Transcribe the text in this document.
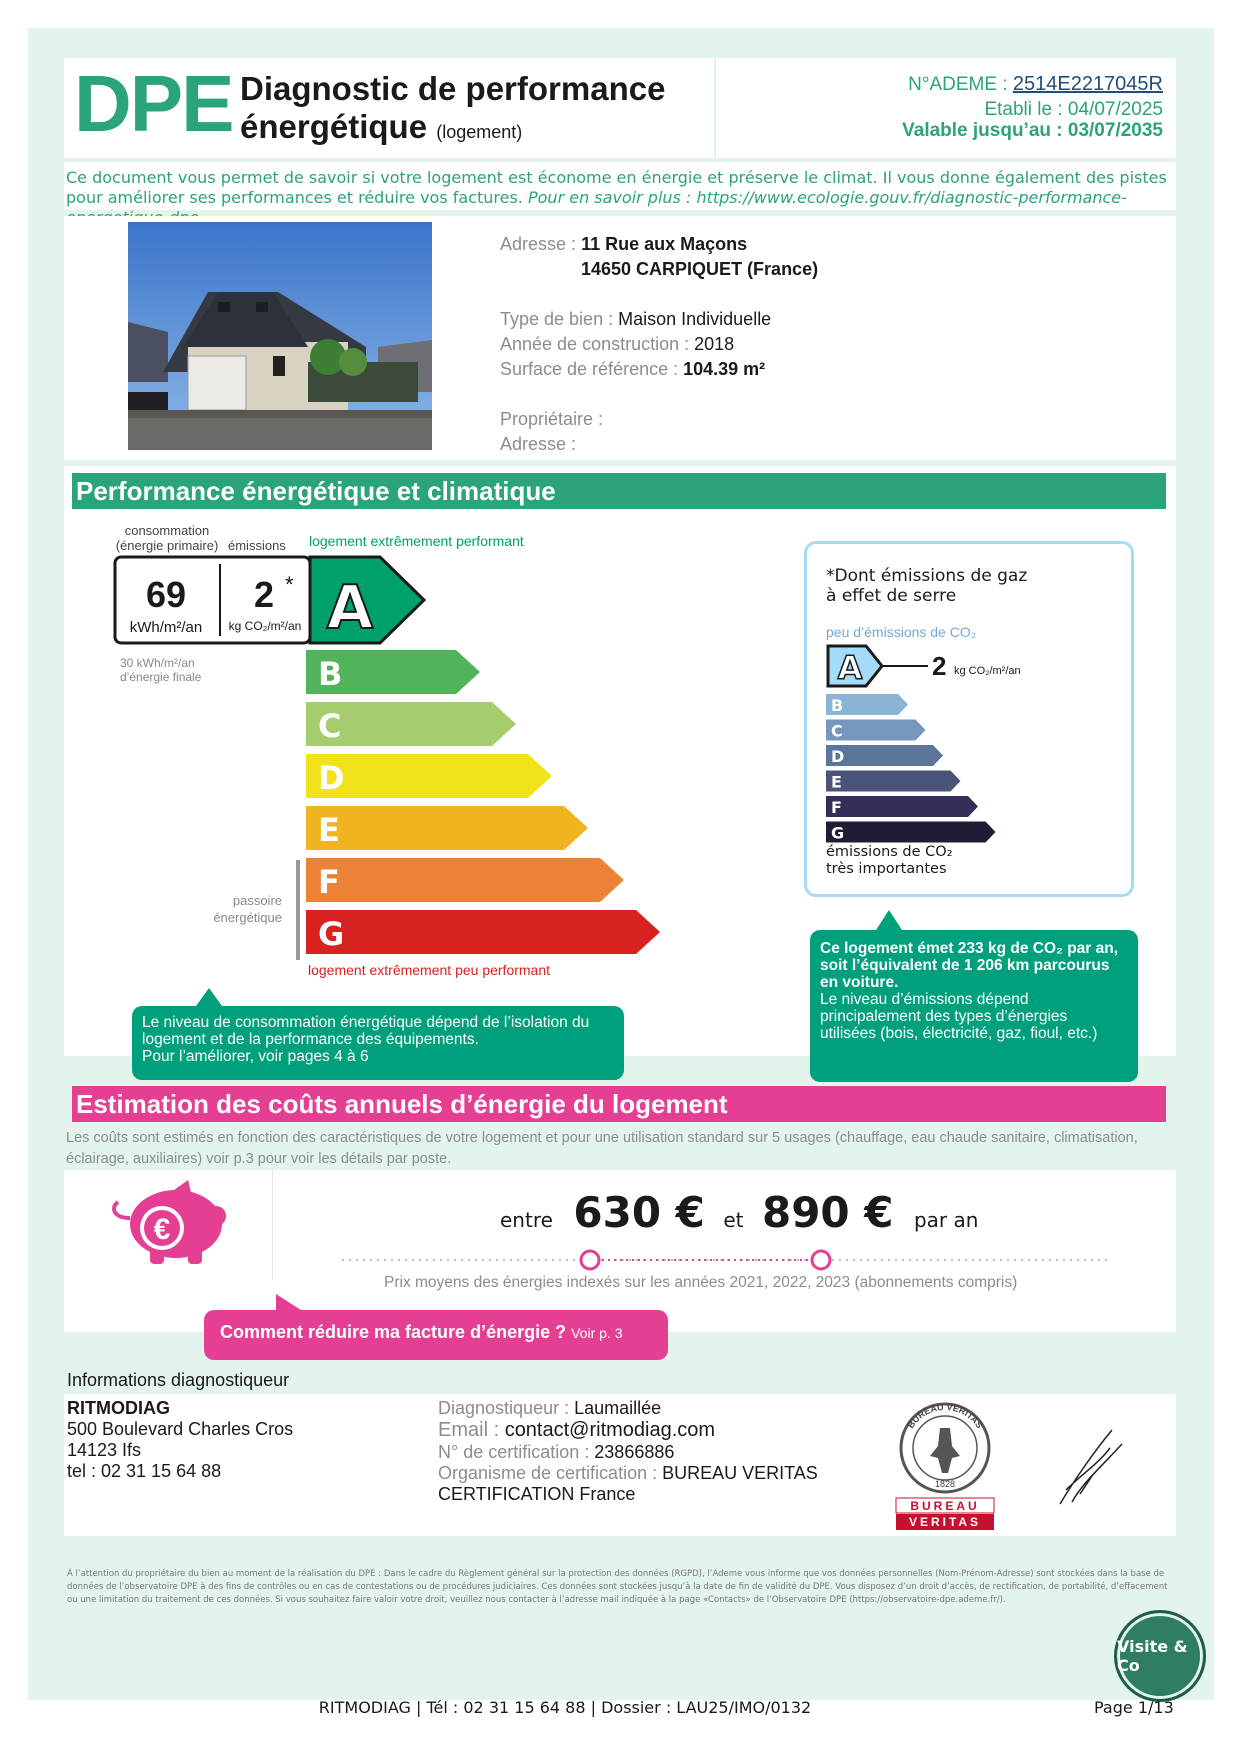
DPE Diagnostic de performance
énergétique (logement)
N°ADEME : 2514E2217045R
Etabli le : 04/07/2025
Valable jusqu’au : 03/07/2035
Ce document vous permet de savoir si votre logement est économe en énergie et préserve le climat. Il vous donne également des pistes pour améliorer ses performances et réduire vos factures. Pour en savoir plus : https://www.ecologie.gouv.fr/diagnostic-performance-
Adresse : 11 Rue aux Maçons
14650 CARPIQUET (France)
Type de bien : Maison Individuelle
Année de construction : 2018
Surface de référence : 104.39 m²
Propriétaire :
Adresse :
Performance énergétique et climatique
consommation
(énergie primaire) émissions logement extrêmement performant
69
kWh/m²/an
2 *
kg CO₂/m²/an A
30 kWh/m²/an
d’énergie finale	B
C
D
E
F
G
passoire
énergétique
logement extrêmement peu performant
Le niveau de consommation énergétique dépend de l’isolation du
logement et de la performance des équipements.
Pour l’améliorer, voir pages 4 à 6
*Dont émissions de gaz
à effet de serre
peu d’émissions de CO₂
A	2 kg CO₂/m²/an
B
C
D
E
F
G
émissions de CO₂
très importantes
Ce logement émet 233 kg de CO₂ par an,
soit l’équivalent de 1 206 km parcourus
en voiture.
Le niveau d’émissions dépend
principalement des types d’énergies
utilisées (bois, électricité, gaz, fioul, etc.)
Estimation des coûts annuels d’énergie du logement
Les coûts sont estimés en fonction des caractéristiques de votre logement et pour une utilisation standard sur 5 usages (chauffage, eau chaude sanitaire, climatisation, éclairage, auxiliaires) voir p.3 pour voir les détails par poste.
€	entre 630 € et 890 € par an
Prix moyens des énergies indexés sur les années 2021, 2022, 2023 (abonnements compris)
Comment réduire ma facture d’énergie ? Voir p. 3
Informations diagnostiqueur
RITMODIAG
500 Boulevard Charles Cros
14123 Ifs
tel : 02 31 15 64 88
Diagnostiqueur : Laumaillée
Email : contact@ritmodiag.com
N° de certification : 23866886
Organisme de certification : BUREAU VERITAS
CERTIFICATION France
BUREAU VERITAS
1828
BUREAU
VERITAS
À l’attention du propriétaire du bien au moment de la réalisation du DPE : Dans le cadre du Règlement général sur la protection des données (RGPD), l’Ademe vous informe que vos données personnelles (Nom-Prénom-Adresse) sont stockées dans la base de données de l’observatoire DPE à des fins de contrôles ou en cas de contestations ou de procédures judiciaires. Ces données sont stockées jusqu’à la date de fin de validité du DPE. Vous disposez d’un droit d’accès, de rectification, de portabilité, d’effacement ou une limitation du traitement de ces données. Si vous souhaitez faire valoir votre droit, veuillez nous contacter à l’adresse mail indiquée à la page «Contacts» de l’Observatoire DPE (https://observatoire-dpe.ademe.fr/).
Visite & Co
RITMODIAG | Tél : 02 31 15 64 88 | Dossier : LAU25/IMO/0132	Page 1/13
